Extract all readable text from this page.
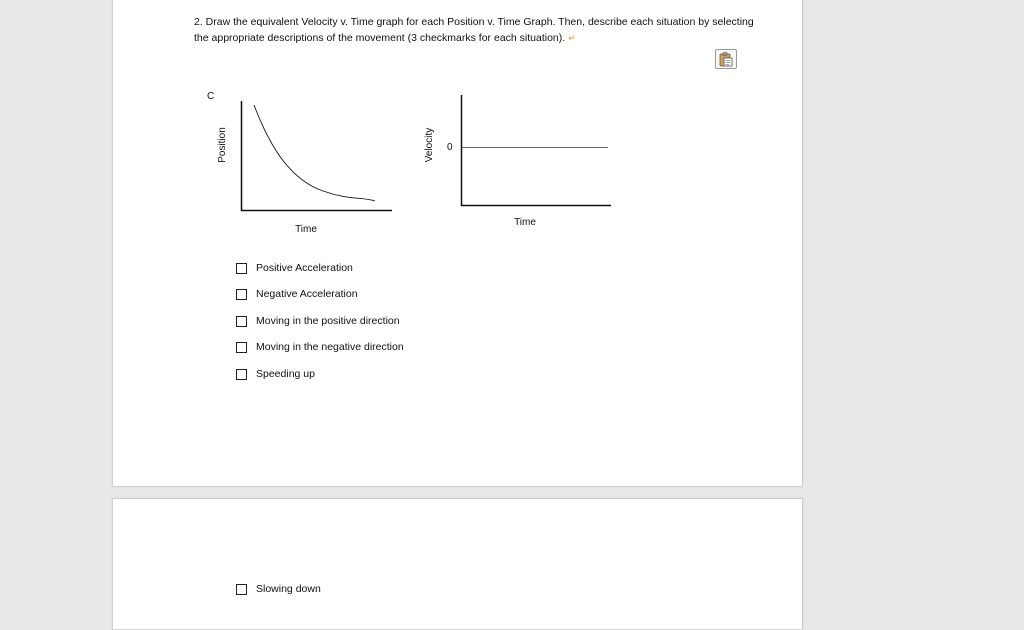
2. Draw the equivalent Velocity v. Time graph for each Position v. Time Graph. Then, describe each situation by selecting the appropriate descriptions of the movement (3 checkmarks for each situation). ↵
C
Position
Time
Velocity 0
Time
Positive Acceleration
Negative Acceleration
Moving in the positive direction
Moving in the negative direction
Speeding up
Slowing down
